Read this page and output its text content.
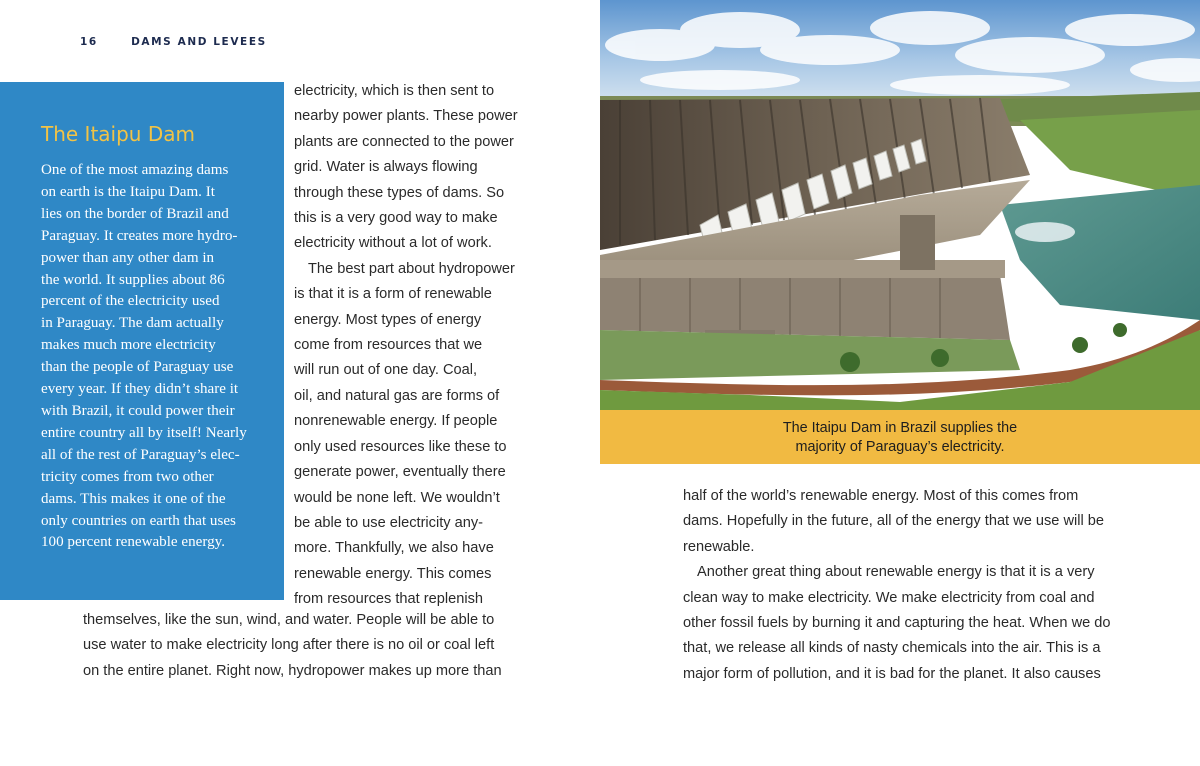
16	DAMS AND LEVEES
The Itaipu Dam
One of the most amazing dams
on earth is the Itaipu Dam. It
lies on the border of Brazil and
Paraguay. It creates more hydro-
power than any other dam in
the world. It supplies about 86
percent of the electricity used
in Paraguay. The dam actually
makes much more electricity
than the people of Paraguay use
every year. If they didn’t share it
with Brazil, it could power their
entire country all by itself! Nearly
all of the rest of Paraguay’s elec-
tricity comes from two other
dams. This makes it one of the
only countries on earth that uses
100 percent renewable energy.
electricity, which is then sent to
nearby power plants. These power
plants are connected to the power
grid. Water is always flowing
through these types of dams. So
this is a very good way to make
electricity without a lot of work.
The best part about hydropower
is that it is a form of renewable
energy. Most types of energy
come from resources that we
will run out of one day. Coal,
oil, and natural gas are forms of
nonrenewable energy. If people
only used resources like these to
generate power, eventually there
would be none left. We wouldn’t
be able to use electricity any-
more. Thankfully, we also have
renewable energy. This comes
from resources that replenish
themselves, like the sun, wind, and water. People will be able to
use water to make electricity long after there is no oil or coal left
on the entire planet. Right now, hydropower makes up more than
The Itaipu Dam in Brazil supplies the
majority of Paraguay’s electricity.
half of the world’s renewable energy. Most of this comes from
dams. Hopefully in the future, all of the energy that we use will be
renewable.
Another great thing about renewable energy is that it is a very
clean way to make electricity. We make electricity from coal and
other fossil fuels by burning it and capturing the heat. When we do
that, we release all kinds of nasty chemicals into the air. This is a
major form of pollution, and it is bad for the planet. It also causes
